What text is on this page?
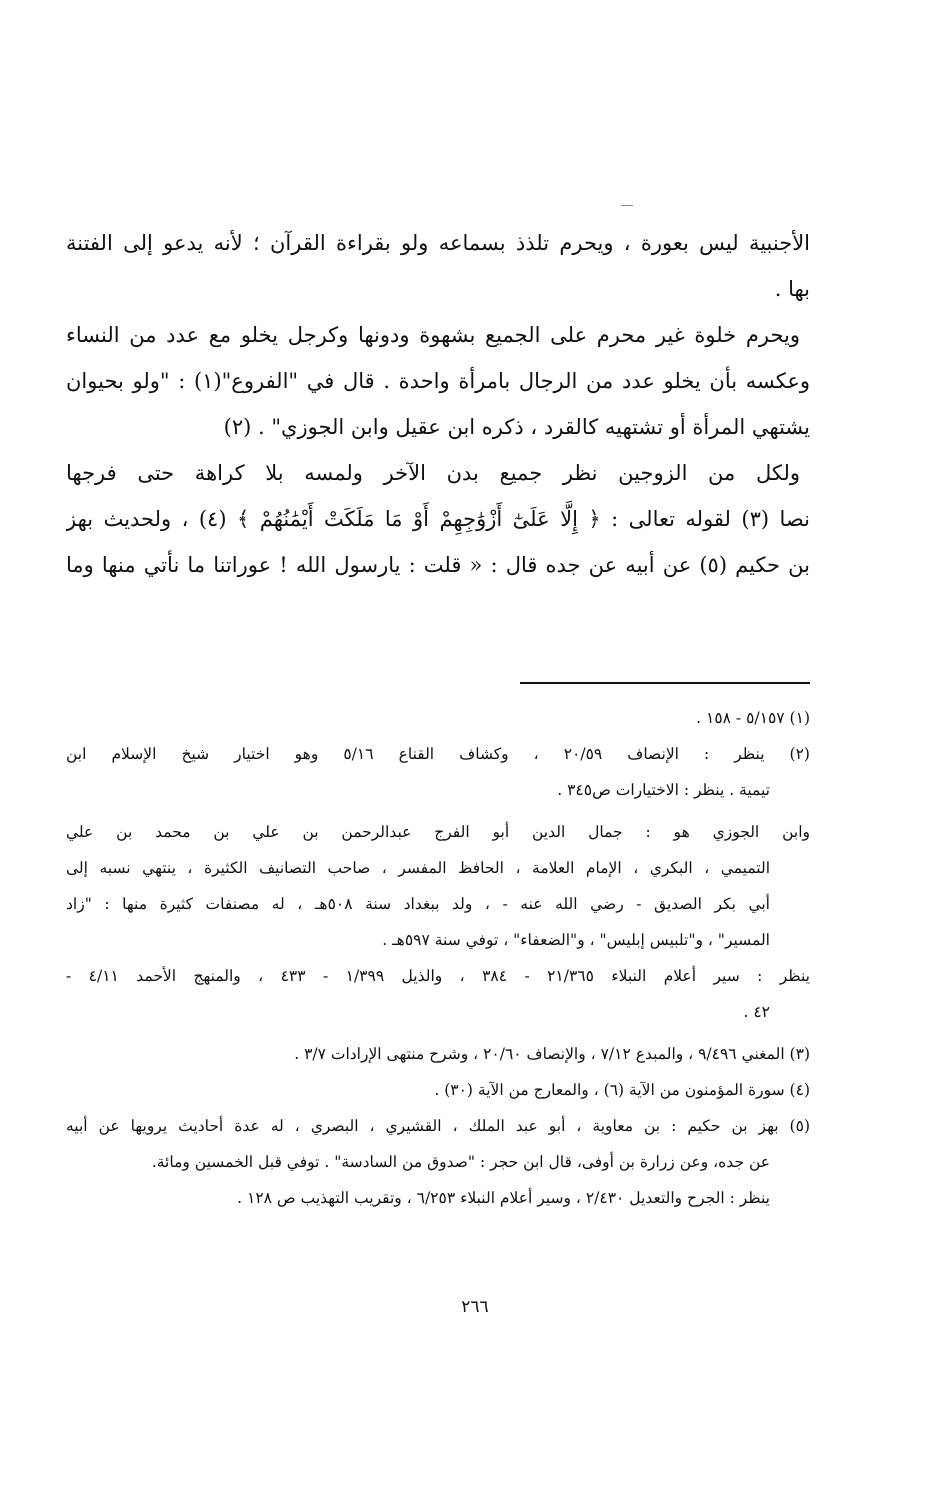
الأجنبية ليس بعورة ، ويحرم تلذذ بسماعه ولو بقراءة القرآن ؛ لأنه يدعو إلى الفتنة
بها .
ويحرم خلوة غير محرم على الجميع بشهوة ودونها وكرجل يخلو مع عدد من النساء
وعكسه بأن يخلو عدد من الرجال بامرأة واحدة . قال في "الفروع"(١) : "ولو بحيوان
يشتهي المرأة أو تشتهيه كالقرد ، ذكره ابن عقيل وابن الجوزي" . (٢)
ولكل من الزوجين نظر جميع بدن الآخر ولمسه بلا كراهة حتى فرجها
نصا (٣) لقوله تعالى : ﴿ إِلَّا عَلَىٰٓ أَزْوَٰجِهِمْ أَوْ مَا مَلَكَتْ أَيْمَٰنُهُمْ ﴾ (٤) ، ولحديث بهز
بن حكيم (٥) عن أبيه عن جده قال : « قلت : يارسول الله ! عوراتنا ما نأتي منها وما
(١) ٥/١٥٧ - ١٥٨ .
(٢) ينظر : الإنصاف ٢٠/٥٩ ، وكشاف القناع ٥/١٦ وهو اختيار شيخ الإسلام ابن
تيمية . ينظر : الاختيارات ص٣٤٥ .
وابن الجوزي هو : جمال الدين أبو الفرج عبدالرحمن بن علي بن محمد بن علي
التميمي ، البكري ، الإمام العلامة ، الحافظ المفسر ، صاحب التصانيف الكثيرة ، ينتهي نسبه إلى
أبي بكر الصديق - رضي الله عنه - ، ولد ببغداد سنة ٥٠٨هـ ، له مصنفات كثيرة منها : "زاد
المسير" ، و"تلبيس إبليس" ، و"الضعفاء" ، توفي سنة ٥٩٧هـ .
ينظر : سير أعلام النبلاء ٢١/٣٦٥ - ٣٨٤ ، والذيل ١/٣٩٩ - ٤٣٣ ، والمنهج الأحمد ٤/١١ -
٤٢ .
(٣) المغني ٩/٤٩٦ ، والمبدع ٧/١٢ ، والإنصاف ٢٠/٦٠ ، وشرح منتهى الإرادات ٣/٧ .
(٤) سورة المؤمنون من الآية (٦) ، والمعارج من الآية (٣٠) .
(٥) بهز بن حكيم : بن معاوية ، أبو عبد الملك ، القشيري ، البصري ، له عدة أحاديث يرويها عن أبيه
عن جده، وعن زرارة بن أوفى، قال ابن حجر : "صدوق من السادسة" . توفي قبل الخمسين ومائة.
ينظر : الجرح والتعديل ٢/٤٣٠ ، وسير أعلام النبلاء ٦/٢٥٣ ، وتقريب التهذيب ص ١٢٨ .
٢٦٦
